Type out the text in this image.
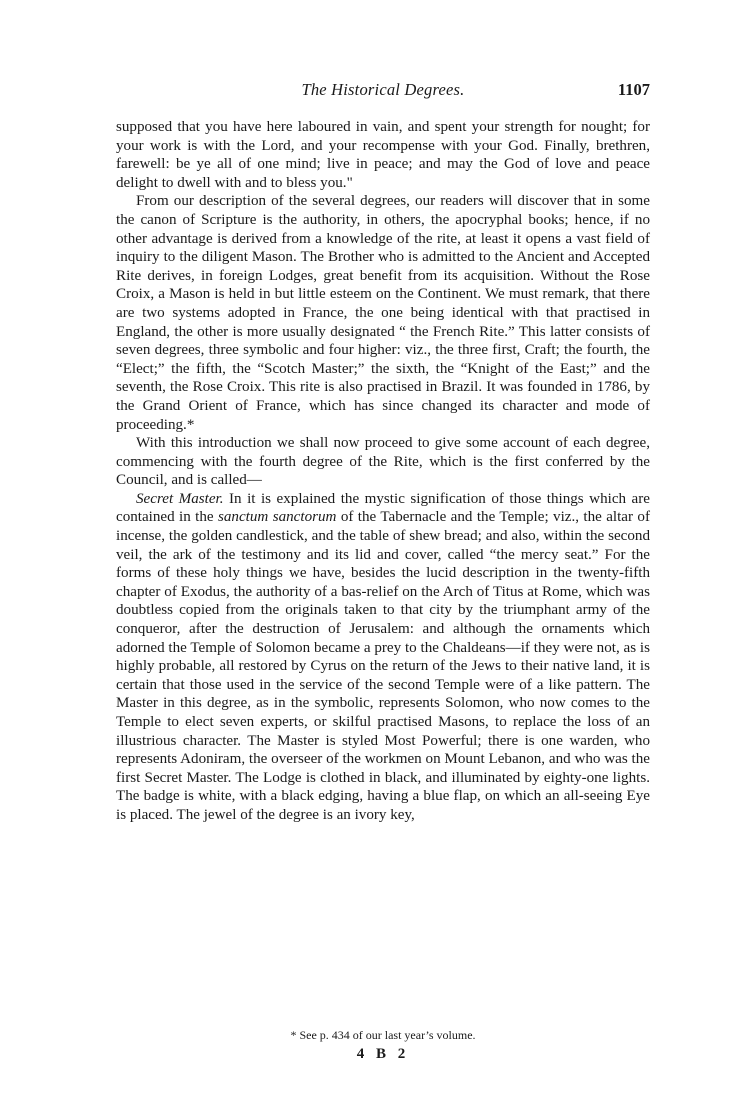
The Historical Degrees.	1107

supposed that you have here laboured in vain, and spent your strength for nought; for your work is with the Lord, and your recompense with your God. Finally, brethren, farewell: be ye all of one mind; live in peace; and may the God of love and peace delight to dwell with and to bless you."

From our description of the several degrees, our readers will discover that in some the canon of Scripture is the authority, in others, the apocryphal books; hence, if no other advantage is derived from a knowledge of the rite, at least it opens a vast field of inquiry to the diligent Mason. The Brother who is admitted to the Ancient and Accepted Rite derives, in foreign Lodges, great benefit from its acquisition. Without the Rose Croix, a Mason is held in but little esteem on the Continent. We must remark, that there are two systems adopted in France, the one being identical with that practised in England, the other is more usually designated “ the French Rite.” This latter consists of seven degrees, three symbolic and four higher: viz., the three first, Craft; the fourth, the “Elect;” the fifth, the “Scotch Master;” the sixth, the “Knight of the East;” and the seventh, the Rose Croix. This rite is also practised in Brazil. It was founded in 1786, by the Grand Orient of France, which has since changed its character and mode of proceeding.*

With this introduction we shall now proceed to give some account of each degree, commencing with the fourth degree of the Rite, which is the first conferred by the Council, and is called—

Secret Master. In it is explained the mystic signification of those things which are contained in the sanctum sanctorum of the Tabernacle and the Temple; viz., the altar of incense, the golden candlestick, and the table of shew bread; and also, within the second veil, the ark of the testimony and its lid and cover, called “the mercy seat.” For the forms of these holy things we have, besides the lucid description in the twenty-fifth chapter of Exodus, the authority of a bas-relief on the Arch of Titus at Rome, which was doubtless copied from the originals taken to that city by the triumphant army of the conqueror, after the destruction of Jerusalem: and although the ornaments which adorned the Temple of Solomon became a prey to the Chaldeans—if they were not, as is highly probable, all restored by Cyrus on the return of the Jews to their native land, it is certain that those used in the service of the second Temple were of a like pattern. The Master in this degree, as in the symbolic, represents Solomon, who now comes to the Temple to elect seven experts, or skilful practised Masons, to replace the loss of an illustrious character. The Master is styled Most Powerful; there is one warden, who represents Adoniram, the overseer of the workmen on Mount Lebanon, and who was the first Secret Master. The Lodge is clothed in black, and illuminated by eighty-one lights. The badge is white, with a black edging, having a blue flap, on which an all-seeing Eye is placed. The jewel of the degree is an ivory key,

* See p. 434 of our last year’s volume.
4 B 2
